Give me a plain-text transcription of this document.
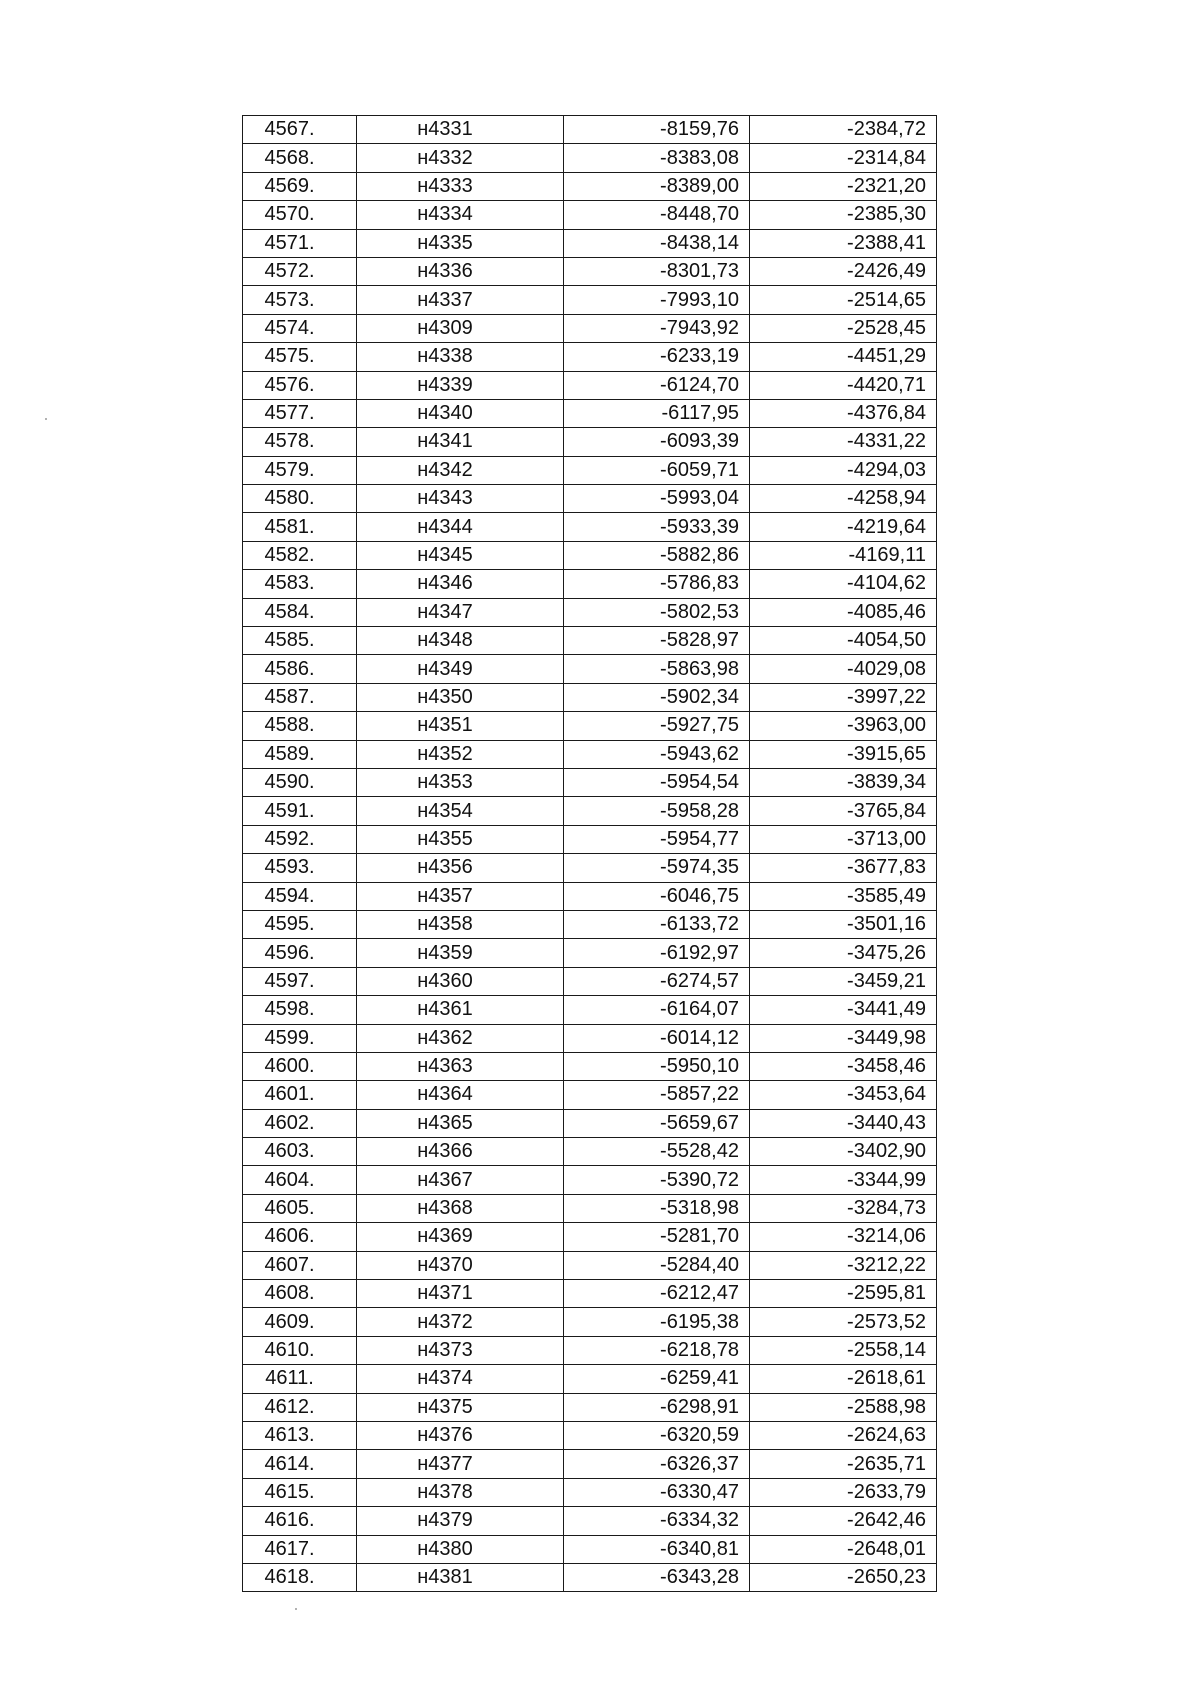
4567.	н4331	-8159,76	-2384,72
4568.	н4332	-8383,08	-2314,84
4569.	н4333	-8389,00	-2321,20
4570.	н4334	-8448,70	-2385,30
4571.	н4335	-8438,14	-2388,41
4572.	н4336	-8301,73	-2426,49
4573.	н4337	-7993,10	-2514,65
4574.	н4309	-7943,92	-2528,45
4575.	н4338	-6233,19	-4451,29
4576.	н4339	-6124,70	-4420,71
4577.	н4340	-6117,95	-4376,84
4578.	н4341	-6093,39	-4331,22
4579.	н4342	-6059,71	-4294,03
4580.	н4343	-5993,04	-4258,94
4581.	н4344	-5933,39	-4219,64
4582.	н4345	-5882,86	-4169,11
4583.	н4346	-5786,83	-4104,62
4584.	н4347	-5802,53	-4085,46
4585.	н4348	-5828,97	-4054,50
4586.	н4349	-5863,98	-4029,08
4587.	н4350	-5902,34	-3997,22
4588.	н4351	-5927,75	-3963,00
4589.	н4352	-5943,62	-3915,65
4590.	н4353	-5954,54	-3839,34
4591.	н4354	-5958,28	-3765,84
4592.	н4355	-5954,77	-3713,00
4593.	н4356	-5974,35	-3677,83
4594.	н4357	-6046,75	-3585,49
4595.	н4358	-6133,72	-3501,16
4596.	н4359	-6192,97	-3475,26
4597.	н4360	-6274,57	-3459,21
4598.	н4361	-6164,07	-3441,49
4599.	н4362	-6014,12	-3449,98
4600.	н4363	-5950,10	-3458,46
4601.	н4364	-5857,22	-3453,64
4602.	н4365	-5659,67	-3440,43
4603.	н4366	-5528,42	-3402,90
4604.	н4367	-5390,72	-3344,99
4605.	н4368	-5318,98	-3284,73
4606.	н4369	-5281,70	-3214,06
4607.	н4370	-5284,40	-3212,22
4608.	н4371	-6212,47	-2595,81
4609.	н4372	-6195,38	-2573,52
4610.	н4373	-6218,78	-2558,14
4611.	н4374	-6259,41	-2618,61
4612.	н4375	-6298,91	-2588,98
4613.	н4376	-6320,59	-2624,63
4614.	н4377	-6326,37	-2635,71
4615.	н4378	-6330,47	-2633,79
4616.	н4379	-6334,32	-2642,46
4617.	н4380	-6340,81	-2648,01
4618.	н4381	-6343,28	-2650,23
